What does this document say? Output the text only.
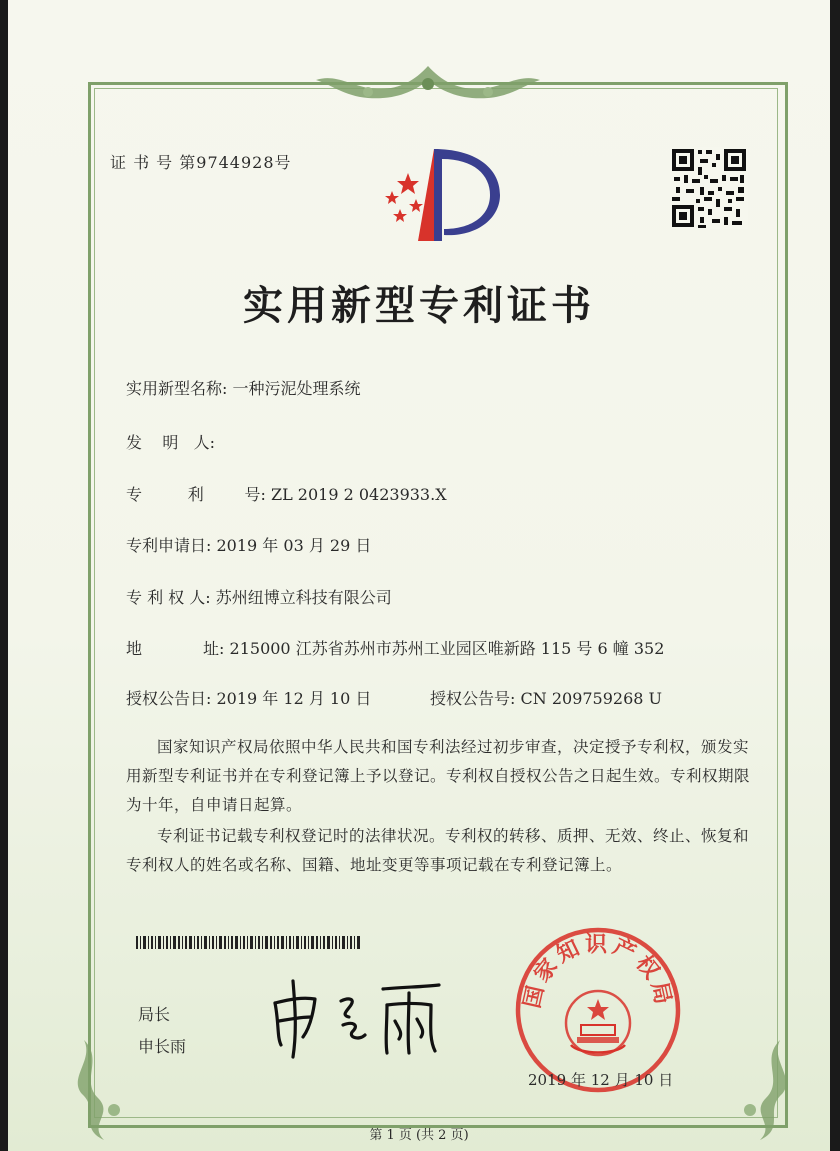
证 书 号 第9744928号
实用新型专利证书
实用新型名称: 一种污泥处理系统
发    明   人:
专         利        号: ZL 2019 2 0423933.X
专利申请日: 2019 年 03 月 29 日
专 利 权 人: 苏州纽博立科技有限公司
地            址: 215000 江苏省苏州市苏州工业园区唯新路 115 号 6 幢 352
授权公告日: 2019 年 12 月 10 日	授权公告号: CN 209759268 U
国家知识产权局依照中华人民共和国专利法经过初步审查，决定授予专利权，颁发实用新型专利证书并在专利登记簿上予以登记。专利权自授权公告之日起生效。专利权期限为十年，自申请日起算。
专利证书记载专利权登记时的法律状况。专利权的转移、质押、无效、终止、恢复和专利权人的姓名或名称、国籍、地址变更等事项记载在专利登记簿上。
局长
申长雨
国家知识产权局
2019 年 12 月 10 日
第 1 页 (共 2 页)
